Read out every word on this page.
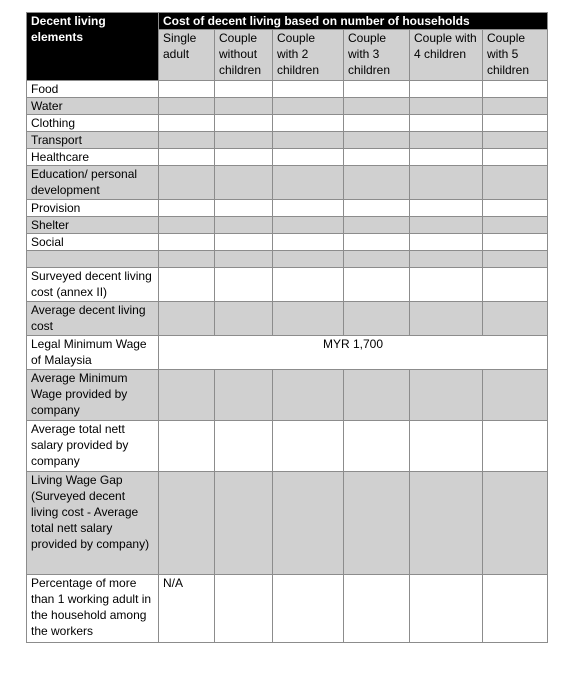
Decent living elements	Cost of decent living based on number of households					
	Single adult	Couple without children	Couple with 2 children	Couple with 3 children	Couple with 4 children	Couple with 5 children
Food						
Water						
Clothing						
Transport						
Healthcare						
Education/ personal development						
Provision						
Shelter						
Social						

Surveyed decent living cost (annex II)						
Average decent living cost						
Legal Minimum Wage of Malaysia	MYR 1,700					
Average Minimum Wage provided by company						
Average total nett salary provided by company						
Living Wage Gap (Surveyed decent living cost - Average total nett salary provided by company)						
Percentage of more than 1 working adult in the household among the workers	N/A					
